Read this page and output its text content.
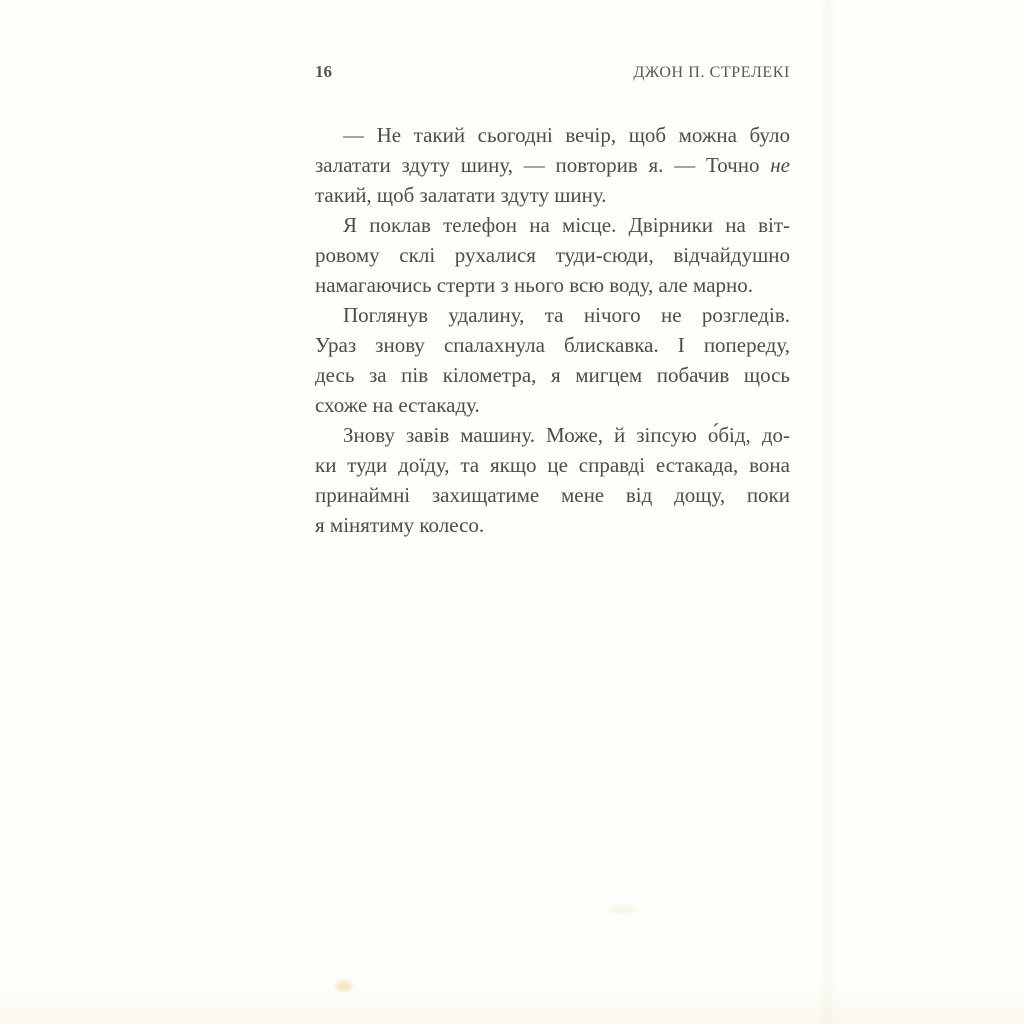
16	ДЖОН П. СТРЕЛЕКІ
— Не такий сьогодні вечір, щоб можна було
залатати здуту шину, — повторив я. — Точно не
такий, щоб залатати здуту шину.
Я поклав телефон на місце. Двірники на віт-
ровому склі рухалися туди-сюди, відчайдушно
намагаючись стерти з нього всю воду, але марно.
Поглянув удалину, та нічого не розгледів.
Ураз знову спалахнула блискавка. І попереду,
десь за пів кілометра, я мигцем побачив щось
схоже на естакаду.
Знову завів машину. Може, й зіпсую о́бід, до-
ки туди доїду, та якщо це справді естакада, вона
принаймні захищатиме мене від дощу, поки
я мінятиму колесо.
